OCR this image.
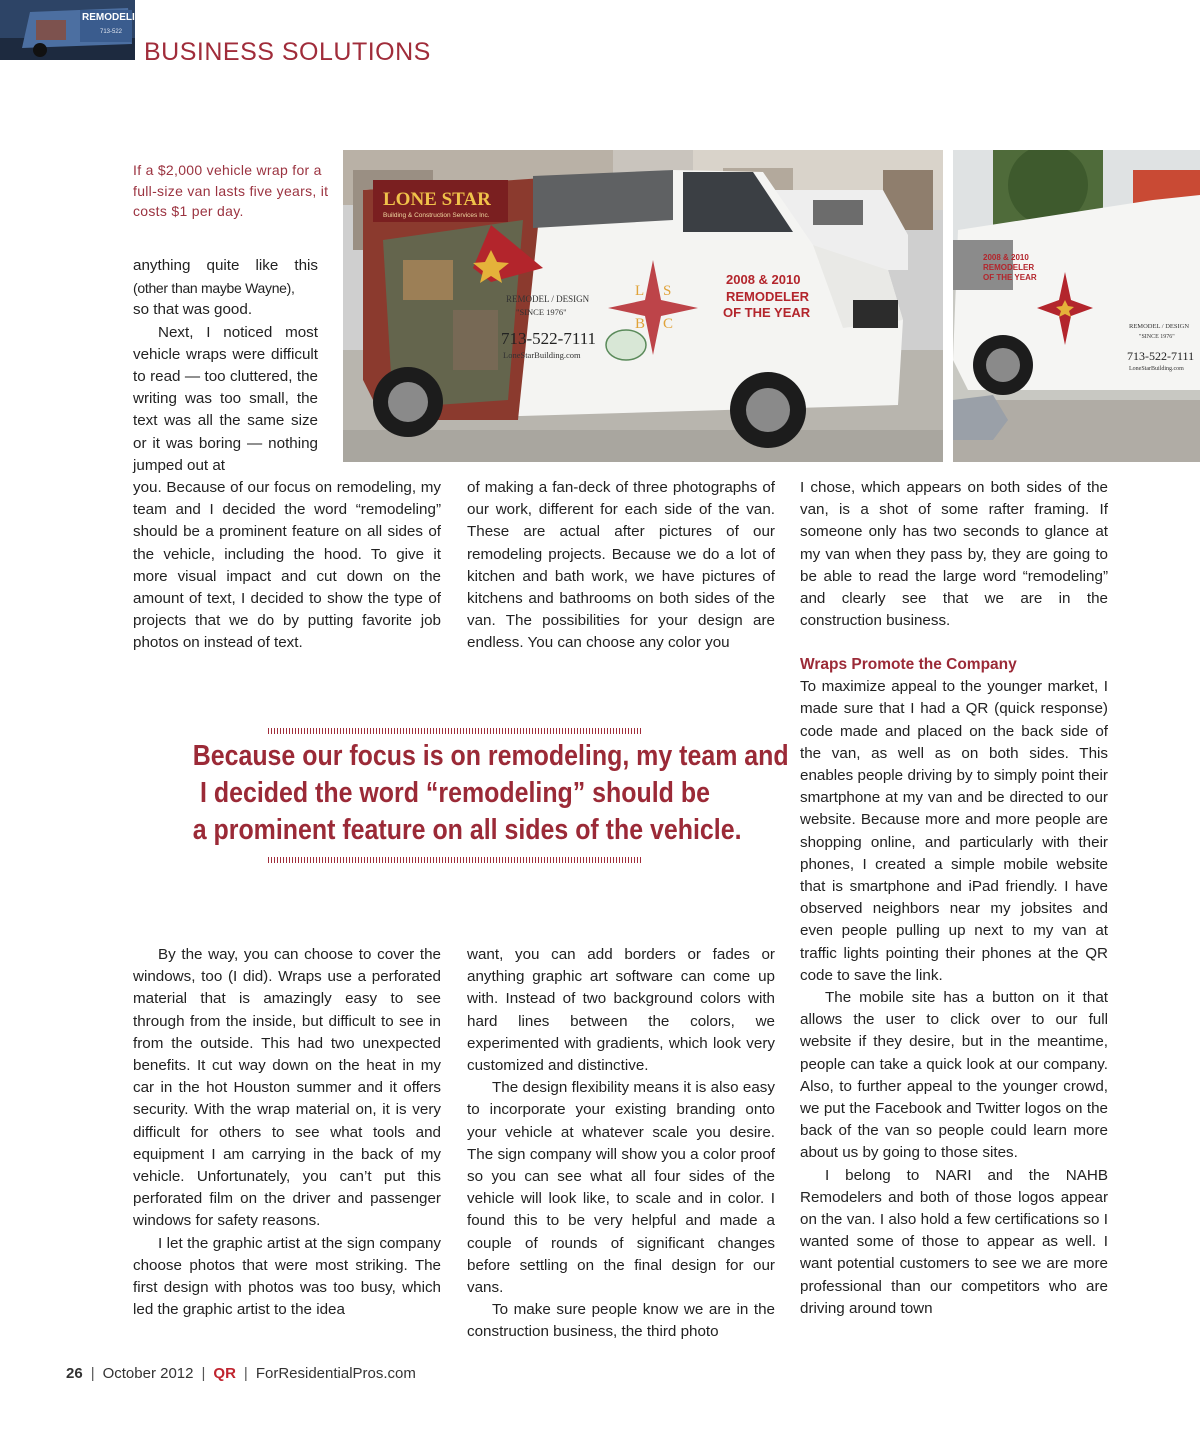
REMODELI
713-522
BUSINESS SOLUTIONS
If a $2,000 vehicle wrap for a full-size van lasts five years, it costs $1 per day.
LONE STAR
Building & Construction Services Inc.
REMODEL / DESIGN
"SINCE 1976"
713-522-7111
LoneStarBuilding.com
L S
B C
2008 & 2010
REMODELER
OF THE YEAR
2008 & 2010
REMODELER
OF THE YEAR
REMODEL / DESIGN
"SINCE 1976"
713-522-7111
LoneStarBuilding.com

anything quite like this

(other than maybe Wayne),

so that was good.

Next, I noticed most vehicle wraps were difficult to read — too cluttered, the writing was too small, the text was all the same size or it was boring — nothing jumped out at

you. Because of our focus on remodeling, my team and I decided the word “remodeling” should be a prominent feature on all sides of the vehicle, including the hood. To give it more visual impact and cut down on the amount of text, I decided to show the type of projects that we do by putting favorite job photos on instead of text.

of making a fan-deck of three photographs of our work, different for each side of the van. These are actual after pictures of our remodeling projects. Because we do a lot of kitchen and bath work, we have pictures of kitchens and bathrooms on both sides of the van. The possibilities for your design are endless. You can choose any color you

I chose, which appears on both sides of the van, is a shot of some rafter framing. If someone only has two seconds to glance at my van when they pass by, they are going to be able to read the large word “remodeling” and clearly see that we are in the construction business.

Because our focus is on remodeling, my team and
I decided the word “remodeling” should be
a prominent feature on all sides of the vehicle.

Wraps Promote the Company

To maximize appeal to the younger market, I made sure that I had a QR (quick response) code made and placed on the back side of the van, as well as on both sides. This enables people driving by to simply point their smartphone at my van and be directed to our website. Because more and more people are shopping online, and particularly with their phones, I created a simple mobile website that is smartphone and iPad friendly. I have observed neighbors near my jobsites and even people pulling up next to my van at traffic lights pointing their phones at the QR code to save the link.

The mobile site has a button on it that allows the user to click over to our full website if they desire, but in the meantime, people can take a quick look at our company. Also, to further appeal to the younger crowd, we put the Facebook and Twitter logos on the back of the van so people could learn more about us by going to those sites.

I belong to NARI and the NAHB Remodelers and both of those logos appear on the van. I also hold a few certifications so I wanted some of those to appear as well. I want potential customers to see we are more professional than our competitors who are driving around town

By the way, you can choose to cover the windows, too (I did). Wraps use a perforated material that is amazingly easy to see through from the inside, but difficult to see in from the outside. This had two unexpected benefits. It cut way down on the heat in my car in the hot Houston summer and it offers security. With the wrap material on, it is very difficult for others to see what tools and equipment I am carrying in the back of my vehicle. Unfortunately, you can’t put this perforated film on the driver and passenger windows for safety reasons.

I let the graphic artist at the sign company choose photos that were most striking. The first design with photos was too busy, which led the graphic artist to the idea

want, you can add borders or fades or anything graphic art software can come up with. Instead of two background colors with hard lines between the colors, we experimented with gradients, which look very customized and distinctive.

The design flexibility means it is also easy to incorporate your existing branding onto your vehicle at whatever scale you desire. The sign company will show you a color proof so you can see what all four sides of the vehicle will look like, to scale and in color. I found this to be very helpful and made a couple of rounds of significant changes before settling on the final design for our vans.

To make sure people know we are in the construction business, the third photo

26 | October 2012 | QR | ForResidentialPros.com
